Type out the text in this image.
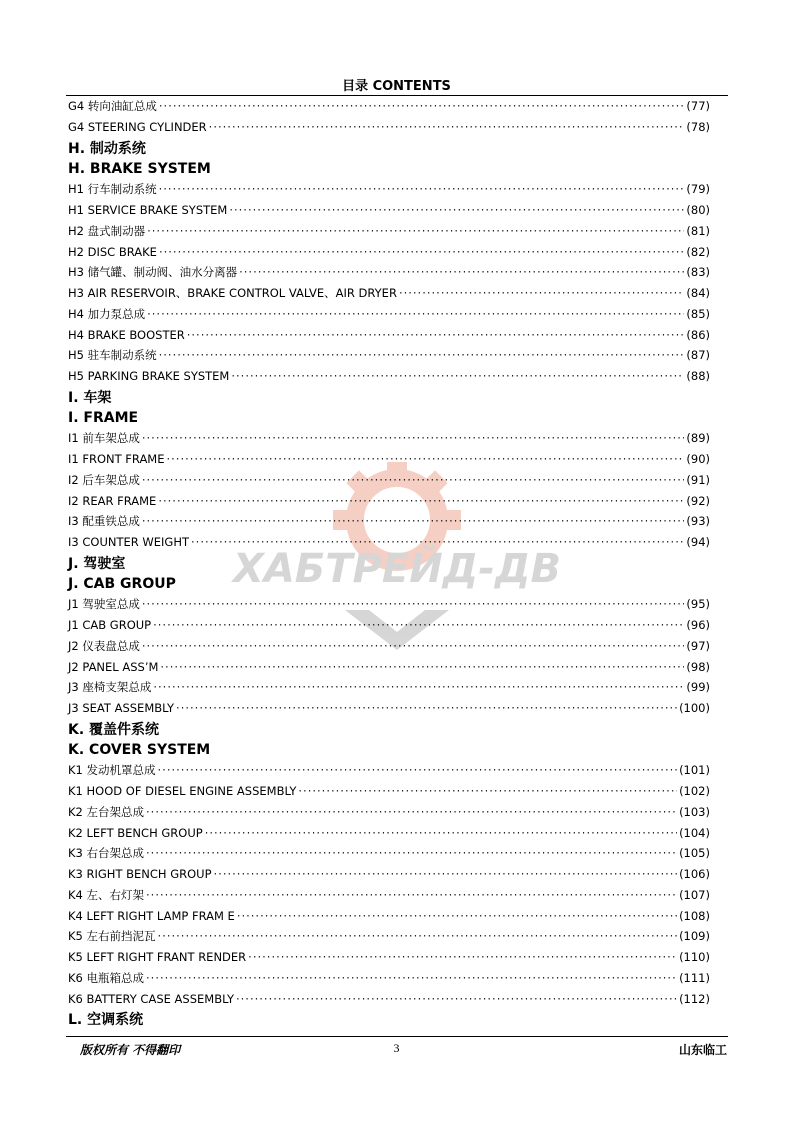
目录 CONTENTS
ХАБТРЕЙД-ДВ
G4 转向油缸总成 ·····	(77)
G4 STEERING CYLINDER ·····	(78)
H. 制动系统
H. BRAKE SYSTEM
H1 行车制动系统 ·····	(79)
H1 SERVICE BRAKE SYSTEM ·····	(80)
H2 盘式制动器 ·····	(81)
H2 DISC BRAKE ·····	(82)
H3 储气罐、制动阀、油水分离器 ·····	(83)
H3 AIR RESERVOIR、BRAKE CONTROL VALVE、AIR DRYER ·····	(84)
H4 加力泵总成 ·····	(85)
H4 BRAKE BOOSTER ·····	(86)
H5 驻车制动系统 ·····	(87)
H5 PARKING BRAKE SYSTEM ·····	(88)
I. 车架
I. FRAME
I1 前车架总成 ·····	(89)
I1 FRONT FRAME ·····	(90)
I2 后车架总成 ·····	(91)
I2 REAR FRAME ·····	(92)
I3 配重铁总成 ·····	(93)
I3 COUNTER WEIGHT ·····	(94)
J. 驾驶室
J. CAB GROUP
J1 驾驶室总成 ·····	(95)
J1 CAB GROUP ·····	(96)
J2 仪表盘总成 ·····	(97)
J2 PANEL ASS’M ·····	(98)
J3 座椅支架总成 ·····	(99)
J3 SEAT ASSEMBLY ·····	(100)
K. 覆盖件系统
K. COVER SYSTEM
K1 发动机罩总成 ·····	(101)
K1 HOOD OF DIESEL ENGINE ASSEMBLY ·····	(102)
K2 左台架总成 ·····	(103)
K2 LEFT BENCH GROUP ·····	(104)
K3 右台架总成 ·····	(105)
K3 RIGHT BENCH GROUP ·····	(106)
K4 左、右灯架 ·····	(107)
K4 LEFT RIGHT LAMP FRAM E ·····	(108)
K5 左右前挡泥瓦 ·····	(109)
K5 LEFT RIGHT FRANT RENDER ·····	(110)
K6 电瓶箱总成 ·····	(111)
K6 BATTERY CASE ASSEMBLY ·····	(112)
L. 空调系统
版权所有 不得翻印	3	山东临工
